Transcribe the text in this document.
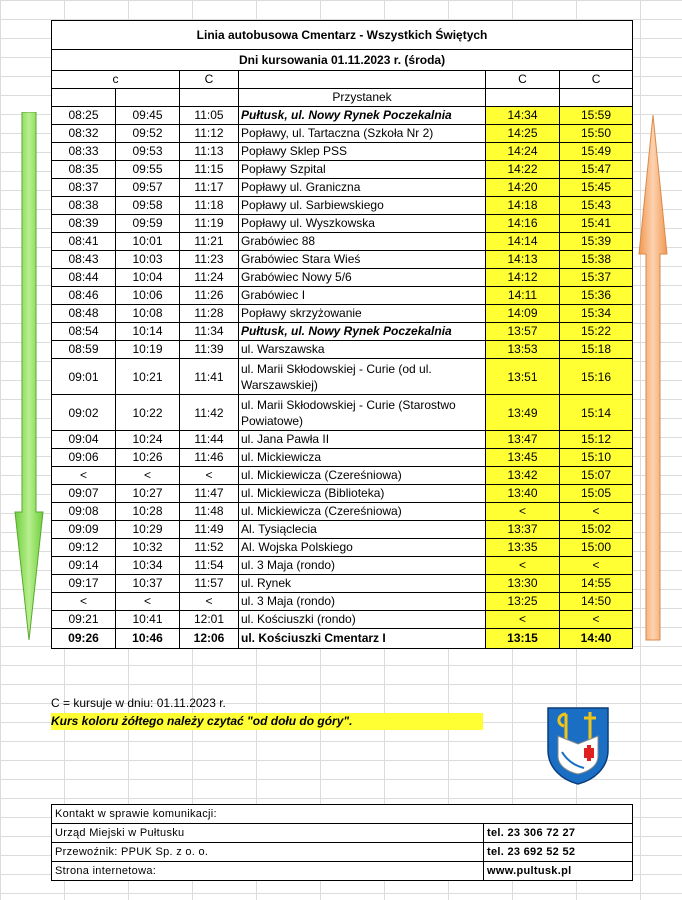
Linia autobusowa Cmentarz - Wszystkich Świętych					
Dni kursowania 01.11.2023 r. (środa)					
c		C		C	C
			Przystanek		
08:25	09:45	11:05	Pułtusk, ul. Nowy Rynek Poczekalnia	14:34	15:59
08:32	09:52	11:12	Popławy, ul. Tartaczna (Szkoła Nr 2)	14:25	15:50
08:33	09:53	11:13	Popławy Sklep PSS	14:24	15:49
08:35	09:55	11:15	Popławy Szpital	14:22	15:47
08:37	09:57	11:17	Popławy ul. Graniczna	14:20	15:45
08:38	09:58	11:18	Popławy ul. Sarbiewskiego	14:18	15:43
08:39	09:59	11:19	Popławy ul. Wyszkowska	14:16	15:41
08:41	10:01	11:21	Grabówiec 88	14:14	15:39
08:43	10:03	11:23	Grabówiec Stara Wieś	14:13	15:38
08:44	10:04	11:24	Grabówiec Nowy 5/6	14:12	15:37
08:46	10:06	11:26	Grabówiec I	14:11	15:36
08:48	10:08	11:28	Popławy skrzyżowanie	14:09	15:34
08:54	10:14	11:34	Pułtusk, ul. Nowy Rynek Poczekalnia	13:57	15:22
08:59	10:19	11:39	ul. Warszawska	13:53	15:18
09:01	10:21	11:41	ul. Marii Skłodowskiej - Curie (od ul. Warszawskiej)	13:51	15:16
09:02	10:22	11:42	ul. Marii Skłodowskiej - Curie (Starostwo Powiatowe)	13:49	15:14
09:04	10:24	11:44	ul. Jana Pawła II	13:47	15:12
09:06	10:26	11:46	ul. Mickiewicza	13:45	15:10
<	<	<	ul. Mickiewicza (Czereśniowa)	13:42	15:07
09:07	10:27	11:47	ul. Mickiewicza (Biblioteka)	13:40	15:05
09:08	10:28	11:48	ul. Mickiewicza (Czereśniowa)	<	<
09:09	10:29	11:49	Al. Tysiąclecia	13:37	15:02
09:12	10:32	11:52	Al. Wojska Polskiego	13:35	15:00
09:14	10:34	11:54	ul. 3 Maja (rondo)	<	<
09:17	10:37	11:57	ul. Rynek	13:30	14:55
<	<	<	ul. 3 Maja (rondo)	13:25	14:50
09:21	10:41	12:01	ul. Kościuszki (rondo)	<	<
09:26	10:46	12:06	ul. Kościuszki Cmentarz I	13:15	14:40
C = kursuje w dniu: 01.11.2023 r.
Kurs koloru żółtego należy czytać "od dołu do góry".
Kontakt w sprawie komunikacji:	
Urząd Miejski w Pułtusku	tel. 23 306 72 27
Przewoźnik: PPUK Sp. z o. o.	tel. 23 692 52 52
Strona internetowa:	www.pultusk.pl
